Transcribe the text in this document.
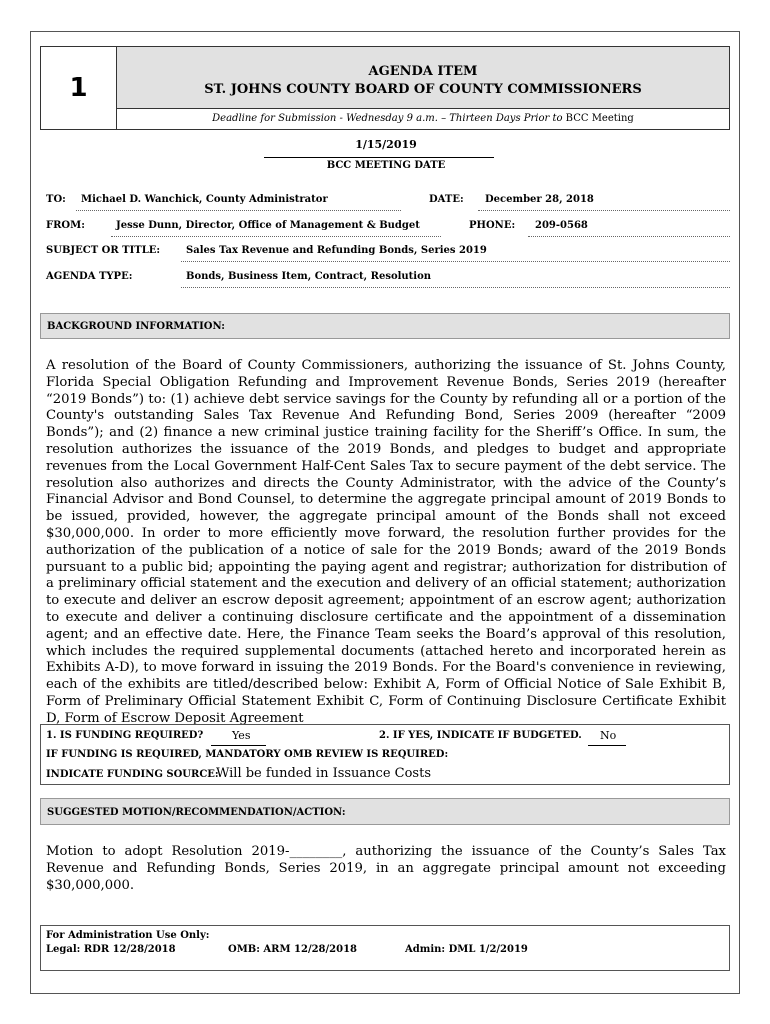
1
AGENDA ITEM
ST. JOHNS COUNTY BOARD OF COUNTY COMMISSIONERS
Deadline for Submission - Wednesday 9 a.m. – Thirteen Days Prior to BCC Meeting
1/15/2019
BCC MEETING DATE
TO: Michael D. Wanchick, County Administrator	DATE: December 28, 2018
FROM:	Jesse Dunn, Director, Office of Management & Budget	PHONE: 209-0568
SUBJECT OR TITLE:	Sales Tax Revenue and Refunding Bonds, Series 2019
AGENDA TYPE:	Bonds, Business Item, Contract, Resolution
BACKGROUND INFORMATION:
A resolution of the Board of County Commissioners, authorizing the issuance of St. Johns County, Florida Special Obligation Refunding and Improvement Revenue Bonds, Series 2019 (hereafter “2019 Bonds”) to: (1) achieve debt service savings for the County by refunding all or a portion of the County's outstanding Sales Tax Revenue And Refunding Bond, Series 2009 (hereafter “2009 Bonds”); and (2) finance a new criminal justice training facility for the Sheriff’s Office. In sum, the resolution authorizes the issuance of the 2019 Bonds, and pledges to budget and appropriate revenues from the Local Government Half-Cent Sales Tax to secure payment of the debt service. The resolution also authorizes and directs the County Administrator, with the advice of the County’s Financial Advisor and Bond Counsel, to determine the aggregate principal amount of 2019 Bonds to be issued, provided, however, the aggregate principal amount of the Bonds shall not exceed $30,000,000. In order to more efficiently move forward, the resolution further provides for the authorization of the publication of a notice of sale for the 2019 Bonds; award of the 2019 Bonds pursuant to a public bid; appointing the paying agent and registrar; authorization for distribution of a preliminary official statement and the execution and delivery of an official statement; authorization to execute and deliver an escrow deposit agreement; appointment of an escrow agent; authorization to execute and deliver a continuing disclosure certificate and the appointment of a dissemination agent; and an effective date. Here, the Finance Team seeks the Board’s approval of this resolution, which includes the required supplemental documents (attached hereto and incorporated herein as Exhibits A-D), to move forward in issuing the 2019 Bonds. For the Board's convenience in reviewing, each of the exhibits are titled/described below: Exhibit A, Form of Official Notice of Sale Exhibit B, Form of Preliminary Official Statement Exhibit C, Form of Continuing Disclosure Certificate Exhibit D, Form of Escrow Deposit Agreement
1. IS FUNDING REQUIRED?	Yes	2. IF YES, INDICATE IF BUDGETED. No
IF FUNDING IS REQUIRED, MANDATORY OMB REVIEW IS REQUIRED:
INDICATE FUNDING SOURCE:
Will be funded in Issuance Costs
SUGGESTED MOTION/RECOMMENDATION/ACTION:
Motion to adopt Resolution 2019-________, authorizing the issuance of the County’s Sales Tax Revenue and Refunding Bonds, Series 2019, in an aggregate principal amount not exceeding $30,000,000.
For Administration Use Only:
Legal: RDR 12/28/2018	OMB: ARM 12/28/2018	Admin: DML 1/2/2019
